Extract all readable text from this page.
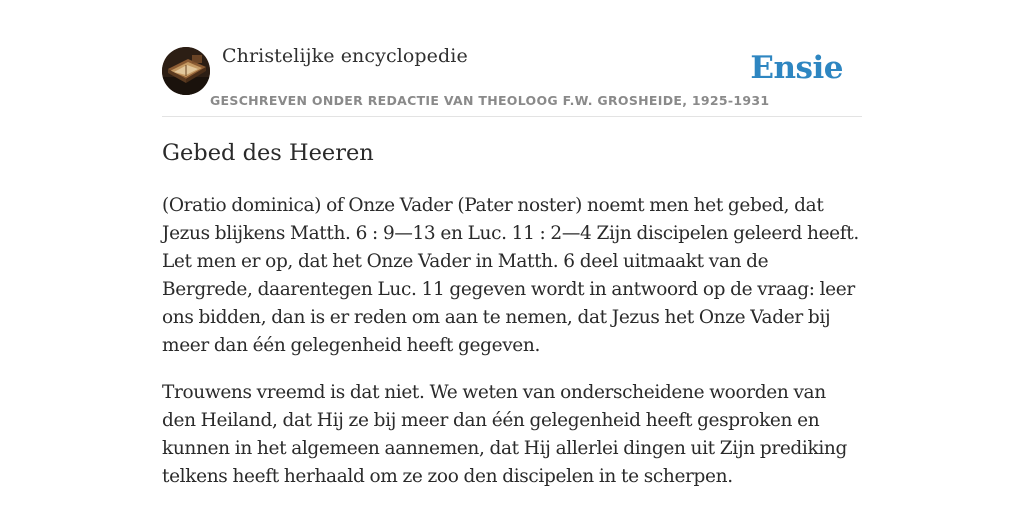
Christelijke encyclopedie
GESCHREVEN ONDER REDACTIE VAN THEOLOOG F.W. GROSHEIDE, 1925-1931
Ensie
Gebed des Heeren

(Oratio dominica) of Onze Vader (Pater noster) noemt men het gebed, dat Jezus blijkens Matth. 6 : 9—13 en Luc. 11 : 2—4 Zijn discipelen geleerd heeft. Let men er op, dat het Onze Vader in Matth. 6 deel uitmaakt van de Bergrede, daarentegen Luc. 11 gegeven wordt in antwoord op de vraag: leer ons bidden, dan is er reden om aan te nemen, dat Jezus het Onze Vader bij meer dan één gelegenheid heeft gegeven.

Trouwens vreemd is dat niet. We weten van onderscheidene woorden van den Heiland, dat Hij ze bij meer dan één gelegenheid heeft gesproken en kunnen in het algemeen aannemen, dat Hij allerlei dingen uit Zijn prediking telkens heeft herhaald om ze zoo den discipelen in te scherpen.
